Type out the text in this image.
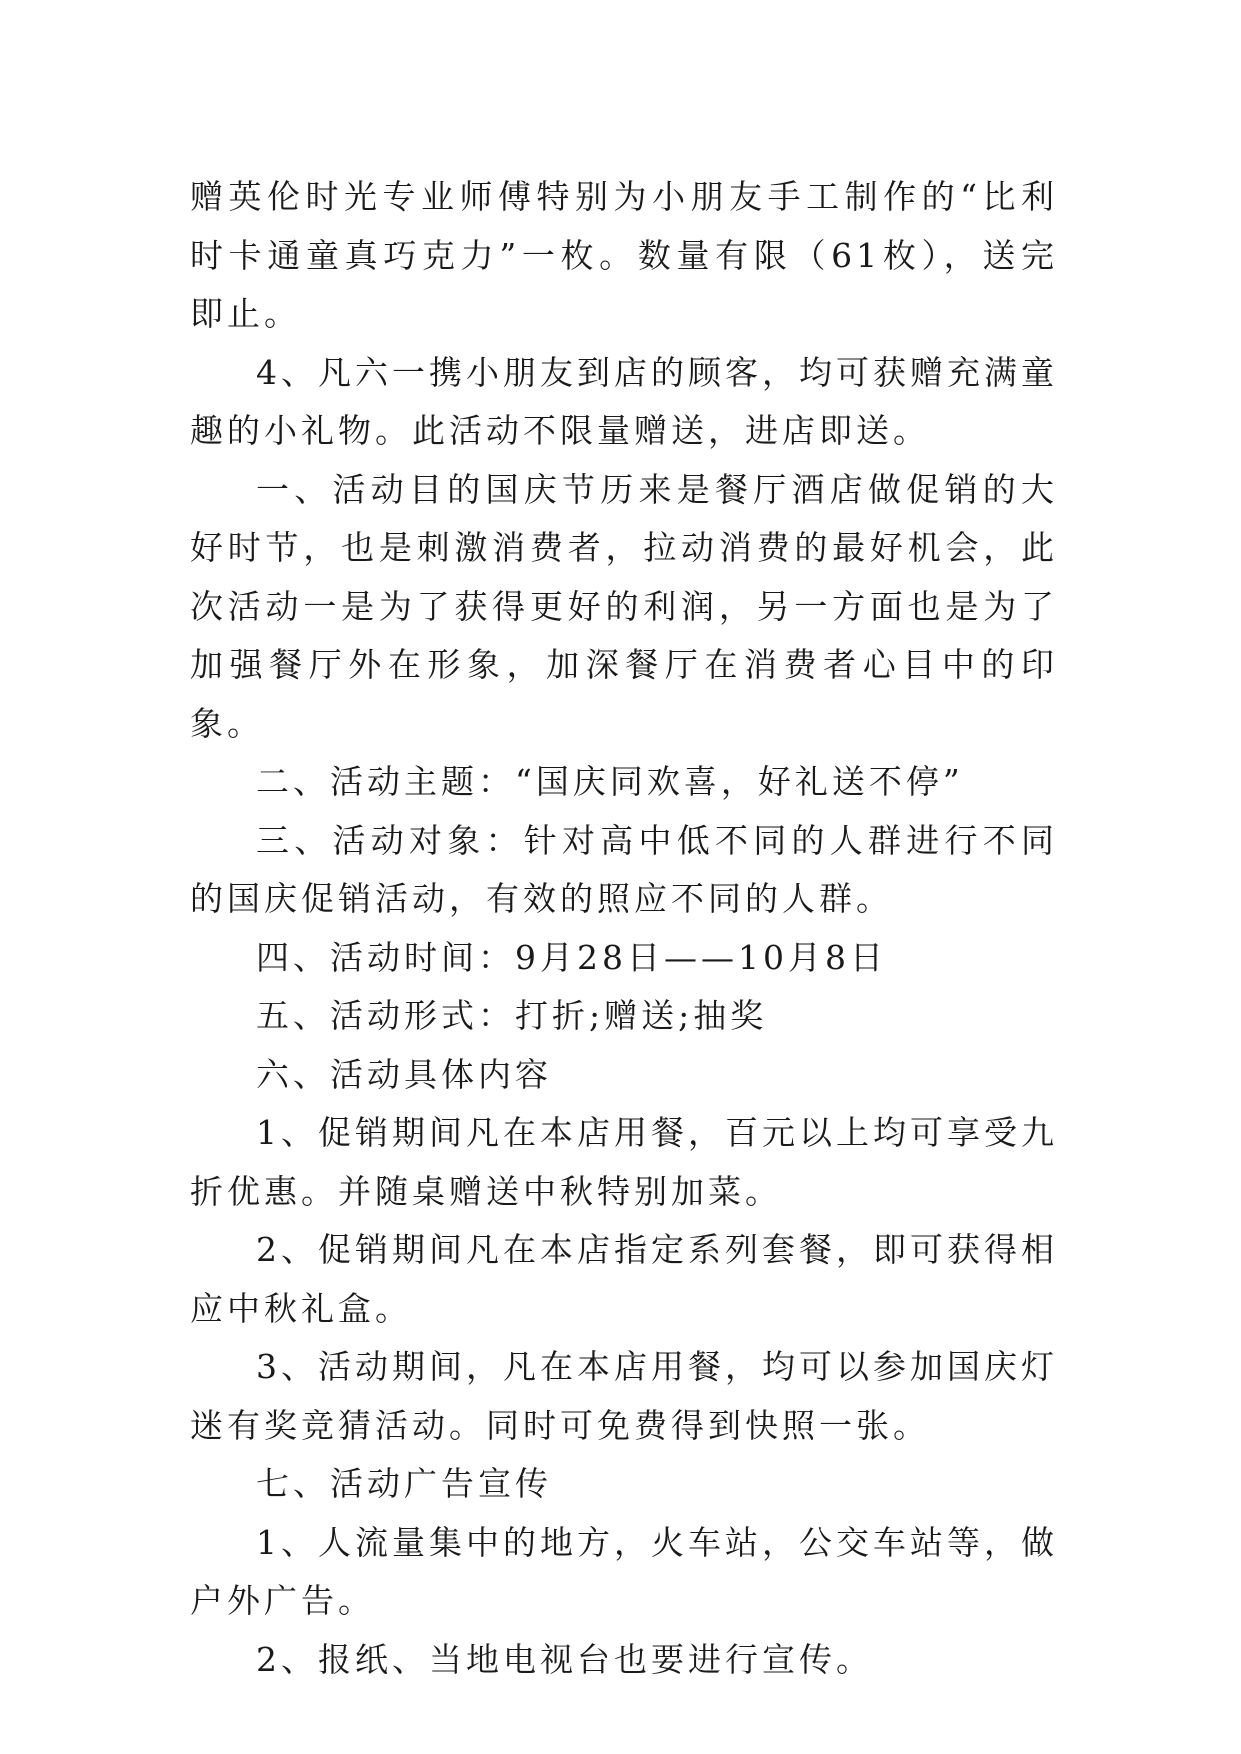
赠英伦时光专业师傅特别为小朋友手工制作的“比利时卡通童真巧克力”一枚。数量有限（61枚），送完即止。

4、凡六一携小朋友到店的顾客，均可获赠充满童趣的小礼物。此活动不限量赠送，进店即送。

一、活动目的国庆节历来是餐厅酒店做促销的大好时节，也是刺激消费者，拉动消费的最好机会，此次活动一是为了获得更好的利润，另一方面也是为了加强餐厅外在形象，加深餐厅在消费者心目中的印象。

二、活动主题：“国庆同欢喜，好礼送不停”

三、活动对象：针对高中低不同的人群进行不同的国庆促销活动，有效的照应不同的人群。

四、活动时间：9月28日——10月8日

五、活动形式：打折;赠送;抽奖

六、活动具体内容

1、促销期间凡在本店用餐，百元以上均可享受九折优惠。并随桌赠送中秋特别加菜。

2、促销期间凡在本店指定系列套餐，即可获得相应中秋礼盒。

3、活动期间，凡在本店用餐，均可以参加国庆灯迷有奖竞猜活动。同时可免费得到快照一张。

七、活动广告宣传

1、人流量集中的地方，火车站，公交车站等，做户外广告。

2、报纸、当地电视台也要进行宣传。
